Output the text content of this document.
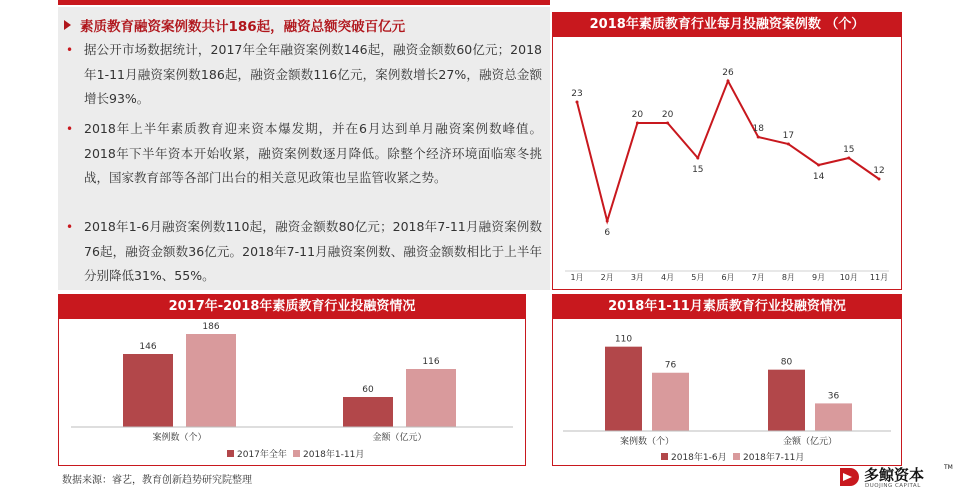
素质教育融资案例数共计186起，融资总额突破百亿元
• 据公开市场数据统计，2017年全年融资案例数146起，融资金额数60亿元；2018年1-11月融资案例数186起，融资金额数116亿元，案例数增长27%，融资总金额增长93%。
• 2018年上半年素质教育迎来资本爆发期，并在6月达到单月融资案例数峰值。2018年下半年资本开始收紧，融资案例数逐月降低。除整个经济环境面临寒冬挑战，国家教育部等各部门出台的相关意见政策也呈监管收紧之势。
• 2018年1-6月融资案例数110起，融资金额数80亿元；2018年7-11月融资案例数76起，融资金额数36亿元。2018年7-11月融资案例数、融资金额数相比于上半年分别降低31%、55%。
2018年素质教育行业每月投融资案例数 （个）
23
6
20 20
15
26
18
17
14
15
12
1月 2月 3月 4月 5月 6月 7月 8月 9月 10月 11月
2017年-2018年素质教育行业投融资情况
146
186
案例数（个）
60
116
金额（亿元）
2017年全年 2018年1-11月
2018年1-11月素质教育行业投融资情况
110
76
案例数（个）
80
36
金额（亿元）
2018年1-6月 2018年7-11月
数据来源：睿艺，教育创新趋势研究院整理	多鲸资本	TM
DUOJING CAPITAL
